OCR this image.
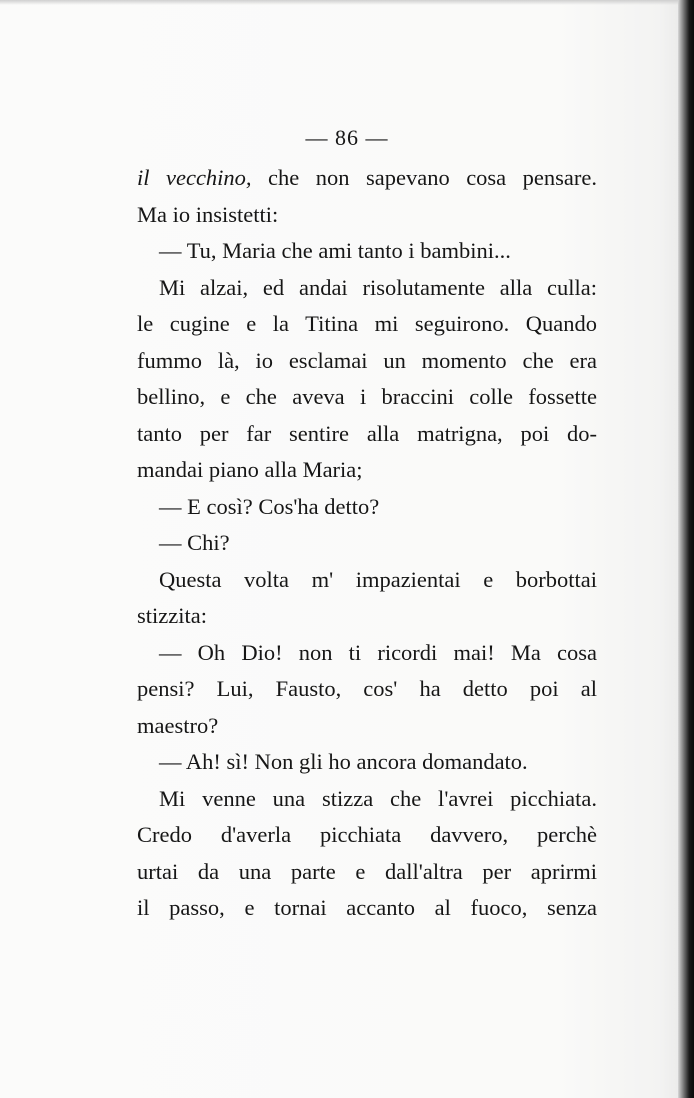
— 86 —
il vecchino, che non sapevano cosa pensare.
Ma io insistetti:
— Tu, Maria che ami tanto i bambini...
Mi alzai, ed andai risolutamente alla culla:
le cugine e la Titina mi seguirono. Quando
fummo là, io esclamai un momento che era
bellino, e che aveva i braccini colle fossette
tanto per far sentire alla matrigna, poi do-
mandai piano alla Maria;
— E così? Cos'ha detto?
— Chi?
Questa volta m' impazientai e borbottai
stizzita:
— Oh Dio! non ti ricordi mai! Ma cosa
pensi? Lui, Fausto, cos' ha detto poi al
maestro?
— Ah! sì! Non gli ho ancora domandato.
Mi venne una stizza che l'avrei picchiata.
Credo d'averla picchiata davvero, perchè
urtai da una parte e dall'altra per aprirmi
il passo, e tornai accanto al fuoco, senza
